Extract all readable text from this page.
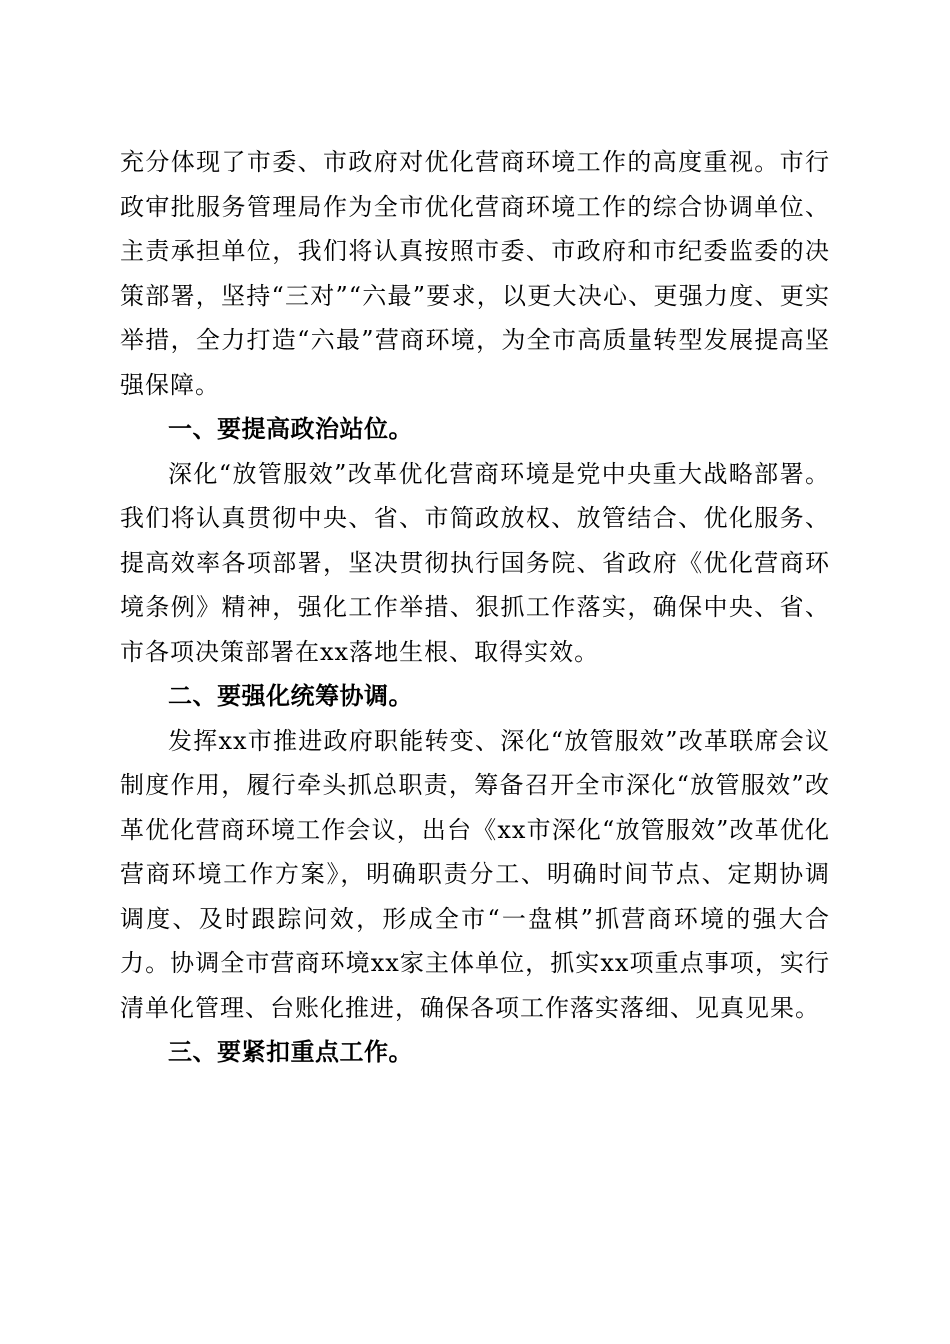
充分体现了市委、市政府对优化营商环境工作的高度重视。市行政审批服务管理局作为全市优化营商环境工作的综合协调单位、主责承担单位，我们将认真按照市委、市政府和市纪委监委的决策部署，坚持“三对”“六最”要求，以更大决心、更强力度、更实举措，全力打造“六最”营商环境，为全市高质量转型发展提高坚强保障。

一、要提高政治站位。

深化“放管服效”改革优化营商环境是党中央重大战略部署。我们将认真贯彻中央、省、市简政放权、放管结合、优化服务、提高效率各项部署，坚决贯彻执行国务院、省政府《优化营商环境条例》精神，强化工作举措、狠抓工作落实，确保中央、省、市各项决策部署在xx落地生根、取得实效。

二、要强化统筹协调。

发挥xx市推进政府职能转变、深化“放管服效”改革联席会议制度作用，履行牵头抓总职责，筹备召开全市深化“放管服效”改革优化营商环境工作会议，出台《xx市深化“放管服效”改革优化营商环境工作方案》，明确职责分工、明确时间节点、定期协调调度、及时跟踪问效，形成全市“一盘棋”抓营商环境的强大合力。协调全市营商环境xx家主体单位，抓实xx项重点事项，实行清单化管理、台账化推进，确保各项工作落实落细、见真见果。

三、要紧扣重点工作。
